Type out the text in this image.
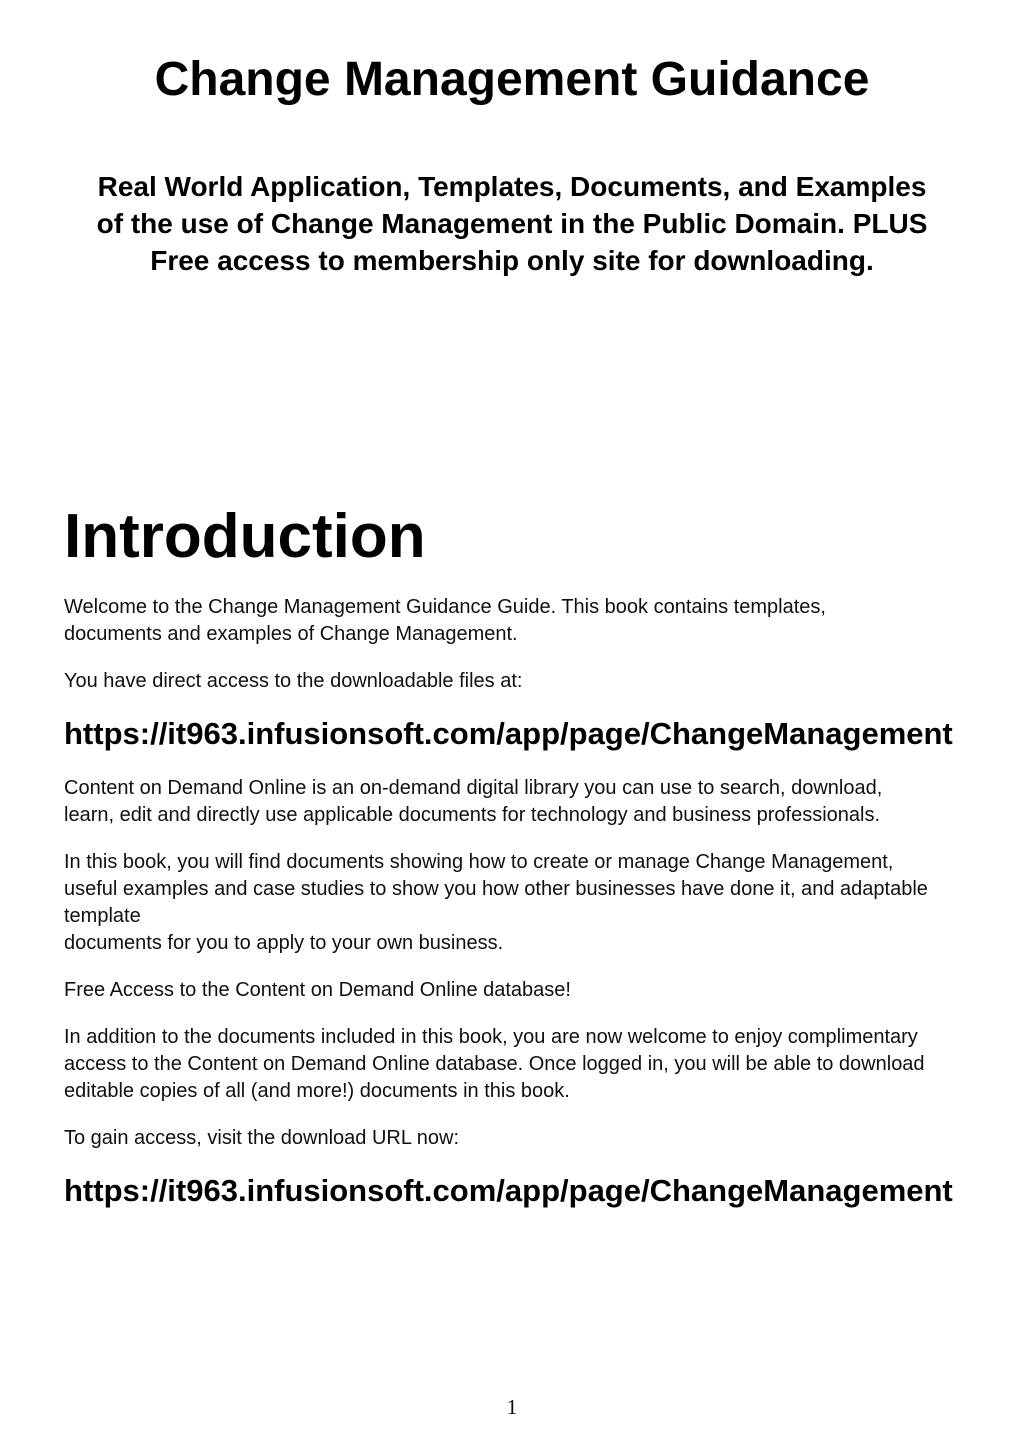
Change Management Guidance
Real World Application, Templates, Documents, and Examples
of the use of Change Management in the Public Domain. PLUS
Free access to membership only site for downloading.
Introduction

Welcome to the Change Management Guidance Guide. This book contains templates,
documents and examples of Change Management.

You have direct access to the downloadable files at:

https://it963.infusionsoft.com/app/page/ChangeManagement

Content on Demand Online is an on-demand digital library you can use to search, download,
learn, edit and directly use applicable documents for technology and business professionals.

In this book, you will find documents showing how to create or manage Change Management,
useful examples and case studies to show you how other businesses have done it, and adaptable
template
documents for you to apply to your own business.

Free Access to the Content on Demand Online database!

In addition to the documents included in this book, you are now welcome to enjoy complimentary
access to the Content on Demand Online database. Once logged in, you will be able to download
editable copies of all (and more!) documents in this book.

To gain access, visit the download URL now:

https://it963.infusionsoft.com/app/page/ChangeManagement

1
